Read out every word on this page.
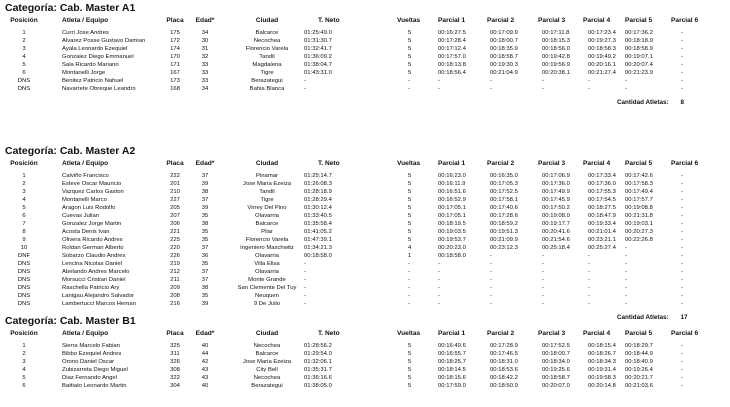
Categoría: Cab. Master A1
Posición	Atleta / Equipo	Placa	Edad*	Ciudad	T. Neto	Vueltas	Parcial 1	Parcial 2	Parcial 3	Parcial 4	Parcial 5	Parcial 6
1	Curri Jose Andres	175	34	Balcarce	01:25:49.0	5	00:16:27.5	00:17:09.9	00:17:11.8	00:17:23.4	00:17:36.2	-
2	Alvarez Posse Gustavo Damian	172	30	Necochea	01:31:30.7	5	00:17:28.4	00:18:00.7	00:18:15.3	00:19:27.3	00:18:18.9	-
3	Ayala Leonardo Ezequiel	174	31	Florencio Varela	01:32:41.7	5	00:17:12.4	00:18:35.9	00:18:56.0	00:18:58.3	00:18:58.9	-
4	Gonzalez Diego Emmanuel	170	32	Tandil	01:36:09.2	5	00:17:57.0	00:18:58.7	00:19:42.8	00:19:49.2	00:19:07.1	-
5	Sala Ricardo Mariano	171	33	Magdalena	01:38:04.7	5	00:18:13.8	00:19:30.3	00:19:56.9	00:20:16.1	00:20:07.4	-
6	Montanelli Jorge	167	33	Tigre	01:43:31.0	5	00:18:56.4	00:21:04.9	00:20:38.1	00:21:27.4	00:21:23.9	-
DNS	Benitez Patricio Nahuel	173	33	Berazategui	-	-	-	-	-	-	-	-
DNS	Navarrete Obreque Leandro	168	34	Bahia Blanca	-	-	-	-	-	-	-	-
Cantidad Atletas: 8
Categoría: Cab. Master A2
Posición	Atleta / Equipo	Placa	Edad*	Ciudad	T. Neto	Vueltas	Parcial 1	Parcial 2	Parcial 3	Parcial 4	Parcial 5	Parcial 6
1	Calviño Francisco	222	37	Pinamar	01:25:14.7	5	00:16:23.0	00:16:35.0	00:17:06.9	00:17:33.4	00:17:42.6	-
2	Esteve Oscar Mauricio	201	39	Jose Maria Ezeiza	01:26:08.3	5	00:16:11.9	00:17:05.3	00:17:36.0	00:17:36.0	00:17:58.3	-
3	Vazquez Carlos Gaston	210	38	Tandil	01:28:18.9	5	00:16:51.6	00:17:52.5	00:17:49.9	00:17:55.3	00:17:49.4	-
4	Montanelli Marco	227	37	Tigre	01:28:29.4	5	00:16:52.9	00:17:58.1	00:17:45.9	00:17:54.5	00:17:57.7	-
5	Aragon Luis Rodolfo	205	39	Virrey Del Pino	01:30:12.4	5	00:17:05.1	00:17:40.6	00:17:50.2	00:18:27.5	00:19:08.8	-
6	Cuevas Julian	207	35	Olavarria	01:33:40.5	5	00:17:05.1	00:17:28.6	00:19:08.0	00:18:47.9	00:21:31.8	-
7	Gonzalez Jorge Martin	206	38	Balcarce	01:35:58.4	5	00:18:19.5	00:18:59.2	00:19:17.7	00:19:33.4	00:19:03.1	-
8	Acosta Denis Ivan	221	35	Pilar	01:41:05.2	5	00:19:03.5	00:19:51.3	00:20:41.6	00:21:01.4	00:20:27.3	-
9	Olivera Ricardo Andres	225	35	Florencio Varela	01:47:39.1	5	00:19:53.7	00:21:09.9	00:21:54.6	00:23:21.1	00:22:26.8	-
10	Roldan German Alberto	220	37	Ingeniero Maschwitz	01:34:21.3	4	00:20:23.0	00:23:12.3	00:25:18.4	00:25:27.4	-	-
DNF	Sobarzo Claudio Andres	226	36	Olavarria	00:18:58.0	1	00:18:58.0	-	-	-	-	-
DNS	Lencina Nicolas Daniel	219	35	Villa Elisa	-	-	-	-	-	-	-	-
DNS	Abelando Andres Marcelo	212	37	Olavarria	-	-	-	-	-	-	-	-
DNS	Morsucci Cristian Daniel	211	37	Monte Grande	-	-	-	-	-	-	-	-
DNS	Raschella Patricio Ary	209	38	San Clemente Del Tuy	-	-	-	-	-	-	-	-
DNS	Lanigau Alejandro Salvador	208	35	Neuquen	-	-	-	-	-	-	-	-
DNS	Lambertucci Marcos Hernan	216	39	9 De Julio	-	-	-	-	-	-	-	-
Cantidad Atletas: 17
Categoría: Cab. Master B1
Posición	Atleta / Equipo	Placa	Edad*	Ciudad	T. Neto	Vueltas	Parcial 1	Parcial 2	Parcial 3	Parcial 4	Parcial 5	Parcial 6
1	Sierra Marcelo Fabian	325	40	Necochea	01:28:56.2	5	00:16:49.6	00:17:28.9	00:17:52.5	00:18:15.4	00:18:29.7	-
2	Bibbo Ezequiel Andres	311	44	Balcarce	01:29:54.0	5	00:16:55.7	00:17:46.5	00:18:00.7	00:18:26.7	00:18:44.9	-
3	Orono Daniel Oscar	326	42	Jose Maria Ezeiza	01:32:06.1	5	00:18:25.7	00:18:31.0	00:18:34.0	00:18:34.3	00:18:40.9	-
4	Zubizarreta Diego Miguel	308	43	City Bell	01:35:31.7	5	00:18:14.5	00:18:53.6	00:19:25.6	00:19:31.4	00:19:26.4	-
5	Diaz Fernando Angel	322	43	Necochea	01:36:16.6	5	00:18:15.6	00:18:42.2	00:18:58.7	00:19:58.3	00:20:21.7	-
6	Battiato Leonardo Martin	304	40	Berazategui	01:38:05.0	5	00:17:59.0	00:18:50.9	00:20:07.0	00:20:14.8	00:21:03.6	-
